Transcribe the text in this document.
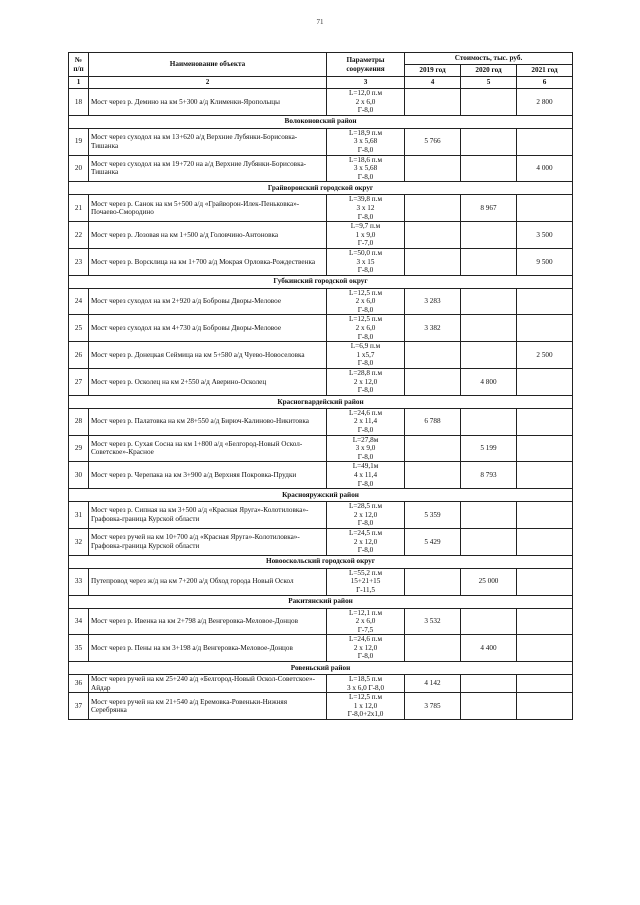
71
№ п/п	Наименование объекта	Параметры сооружения	Стоимость, тыс. руб.		
			2019 год	2020 год	2021 год
1	2	3	4	5	6
18	Мост через р. Демино на км 5+300 а/д Клименки-Ярополыцы	L=12,0 п.м
2 х 6,0
Г-8,0			2 800
Волоконовский район					
19	Мост через суходол на км 13+620 а/д Верхние Лубянки-Борисовка-Тишанка	L=18,9 п.м
3 х 5,68
Г-8,0	5 766		
20	Мост через суходол на км 19+720 на а/д Верхние Лубянки-Борисовка-Тишанка	L=18,6 п.м
3 х 5,68
Г-8,0			4 000
Грайворонский городской округ					
21	Мост через р. Санок на км 5+500 а/д «Грайворон-Илек-Пеньковка»-Почаево-Смородино	L=39,8 п.м
3 х 12
Г-8,0		8 967	
22	Мост через р. Лозовая на км 1+500 а/д Головчино-Антоновка	L=9,7 п.м
1 х 9,0
Г-7,0			3 500
23	Мост через р. Ворсклица на км 1+700 а/д Мокрая Орловка-Рождественка	L=50,0 п.м
3 х 15
Г-8,0			9 500
Губкинский городской округ					
24	Мост через суходол на км 2+920 а/д Бобровы Дворы-Меловое	L=12,5 п.м
2 х 6,0
Г-8,0	3 283		
25	Мост через суходол на км 4+730 а/д Бобровы Дворы-Меловое	L=12,5 п.м
2 х 6,0
Г-8,0	3 382		
26	Мост через р. Донецкая Сеймица на км 5+580 а/д Чуево-Новоселовка	L=6,9 п.м
1 х5,7
Г-8,0			2 500
27	Мост через р. Осколец на км 2+550 а/д Аверино-Осколец	L=28,8 п.м
2 х 12,0
Г-8,0		4 800	
Красногвардейский район					
28	Мост через р. Палатовка на км 28+550 а/д Бирюч-Калиново-Никитовка	L=24,6 п.м
2 х 11,4
Г-8,0	6 788		
29	Мост через р. Сухая Сосна на км 1+800 а/д «Белгород-Новый Оскол-Советское»-Красное	L=27,8м
3 х 9,0
Г-8,0		5 199	
30	Мост через р. Черепака на км 3+900 а/д Верхняя Покровка-Прудки	L=49,1м
4 х 11,4
Г-8,0		8 793	
Краснояружский район					
31	Мост через р. Сипная на км 3+500 а/д «Красная Яруга»-Колотиловка»-Графовка-граница Курской области	L=28,5 п.м
2 х 12,0
Г-8,0	5 359		
32	Мост через ручей на км 10+700 а/д «Красная Яруга»-Колотиловка»-Графовка-граница Курской области	L=24,5 п.м
2 х 12,0
Г-8,0	5 429		
Новооскольский городской округ					
33	Путепровод через ж/д на км 7+200 а/д Обход города Новый Оскол	L=55,2 п.м
15+21+15
Г-11,5		25 000	
Ракитянский район					
34	Мост через р. Ивенка на км 2+798 а/д Венгеровка-Меловое-Донцов	L=12,1 п.м
2 х 6,0
Г-7,5	3 532		
35	Мост через р. Пены на км 3+198 а/д Венгеровка-Меловое-Донцов	L=24,6 п.м
2 х 12,0
Г-8,0		4 400	
Ровеньский район					
36	Мост через ручей на км 25+240 а/д «Белгород-Новый Оскол-Советское»-Айдар	L=18,5 п.м
3 х 6,0 Г-8,0	4 142		
37	Мост через ручей на км 21+540 а/д Еремовка-Ровеньки-Нижняя Серебрянка	L=12,5 п.м
1 х 12,0
Г-8,0+2х1,0	3 785		
